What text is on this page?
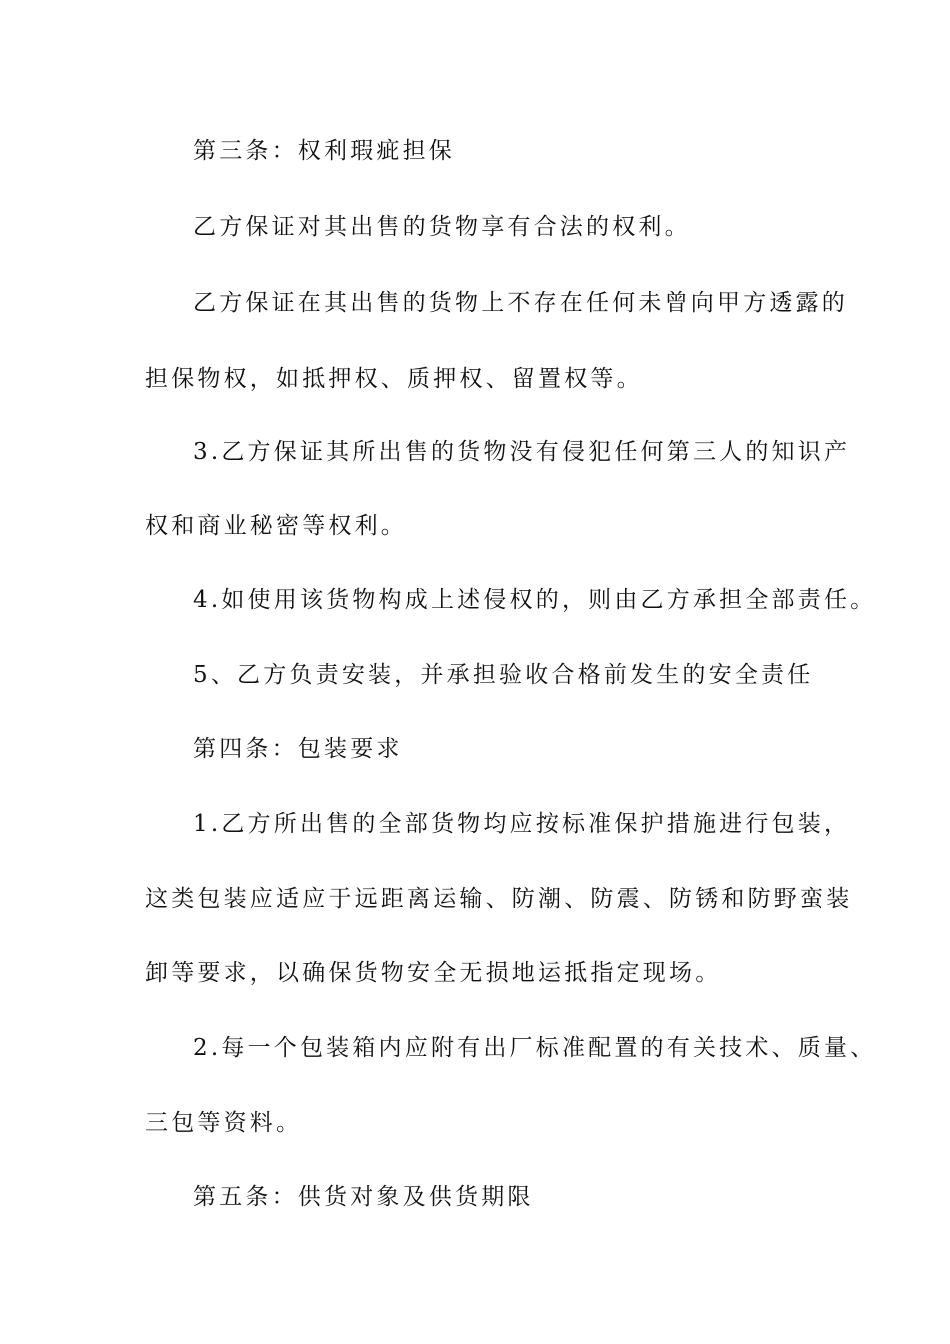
第三条：权利瑕疵担保
乙方保证对其出售的货物享有合法的权利。
乙方保证在其出售的货物上不存在任何未曾向甲方透露的
担保物权，如抵押权、质押权、留置权等。
3.乙方保证其所出售的货物没有侵犯任何第三人的知识产
权和商业秘密等权利。
4.如使用该货物构成上述侵权的，则由乙方承担全部责任。
5、乙方负责安装，并承担验收合格前发生的安全责任
第四条：包装要求
1.乙方所出售的全部货物均应按标准保护措施进行包装，
这类包装应适应于远距离运输、防潮、防震、防锈和防野蛮装
卸等要求，以确保货物安全无损地运抵指定现场。
2.每一个包装箱内应附有出厂标准配置的有关技术、质量、
三包等资料。
第五条：供货对象及供货期限
